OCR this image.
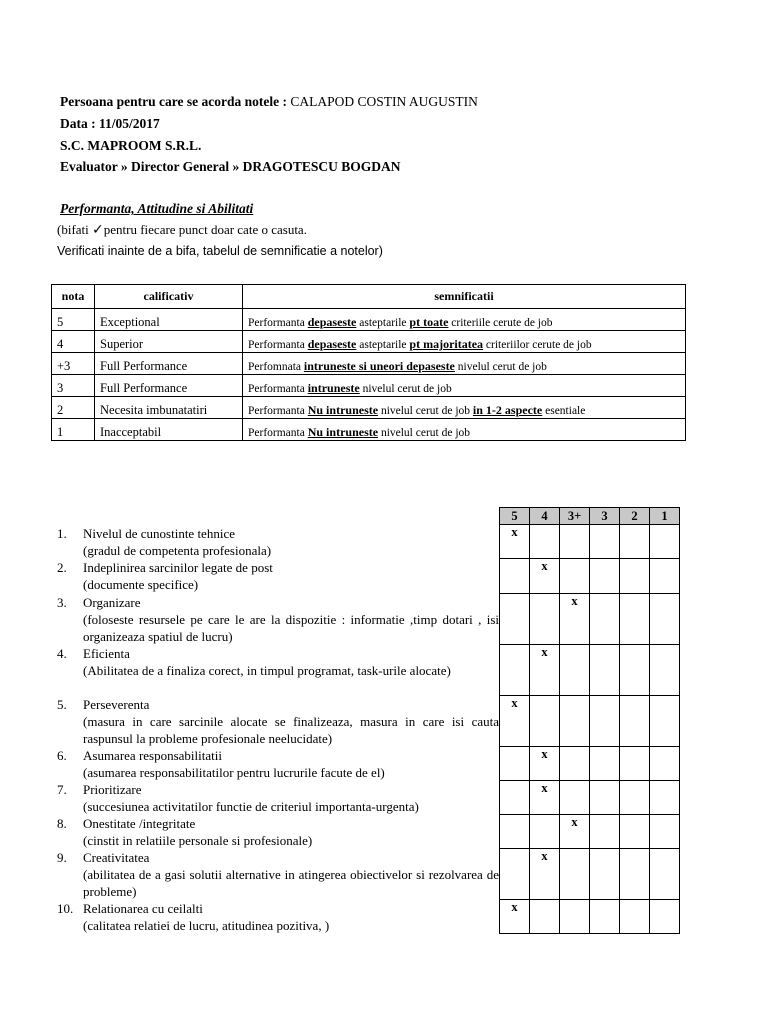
Persoana pentru care se acorda notele : CALAPOD COSTIN AUGUSTIN
Data : 11/05/2017
S.C. MAPROOM S.R.L.
Evaluator » Director General » DRAGOTESCU BOGDAN
Performanta, Attitudine si Abilitati
(bifati ✓pentru fiecare punct doar cate o casuta.
Verificati inainte de a bifa, tabelul de semnificatie a notelor)
nota	calificativ	semnificatii
5	Exceptional	Performanta depaseste asteptarile pt toate criteriile cerute de job
4	Superior	Performanta depaseste asteptarile pt majoritatea criteriilor cerute de job
+3	Full Performance	Perfomnata intruneste si uneori depaseste nivelul cerut de job
3	Full Performance	Performanta intruneste nivelul cerut de job
2	Necesita imbunatatiri	Performanta Nu intruneste nivelul cerut de job in 1-2 aspecte esentiale
1	Inacceptabil	Performanta Nu intruneste nivelul cerut de job
1.	Nivelul de cunostinte tehnice
(gradul de competenta profesionala)
2.	Indeplinirea sarcinilor legate de post
(documente specifice)
3.	Organizare
(foloseste resursele pe care le are la dispozitie : informatie ,timp dotari , isi organizeaza spatiul de lucru)
4.	Eficienta
(Abilitatea de a finaliza corect, in timpul programat, task-urile alocate)
5.	Perseverenta
(masura in care sarcinile alocate se finalizeaza, masura in care isi cauta raspunsul la probleme profesionale neelucidate)
6.	Asumarea responsabilitatii
(asumarea responsabilitatilor pentru lucrurile facute de el)
7.	Prioritizare
(succesiunea activitatilor functie de criteriul importanta-urgenta)
8.	Onestitate /integritate
(cinstit in relatiile personale si profesionale)
9.	Creativitatea
(abilitatea de a gasi solutii alternative in atingerea obiectivelor si rezolvarea de probleme)
10. Relationarea cu ceilalti
(calitatea relatiei de lucru, atitudinea pozitiva, )
5	4	3+	3	2	1
x					
	x				
		x			
	x				
x					
	x				
	x				
		x			
	x				
x					
